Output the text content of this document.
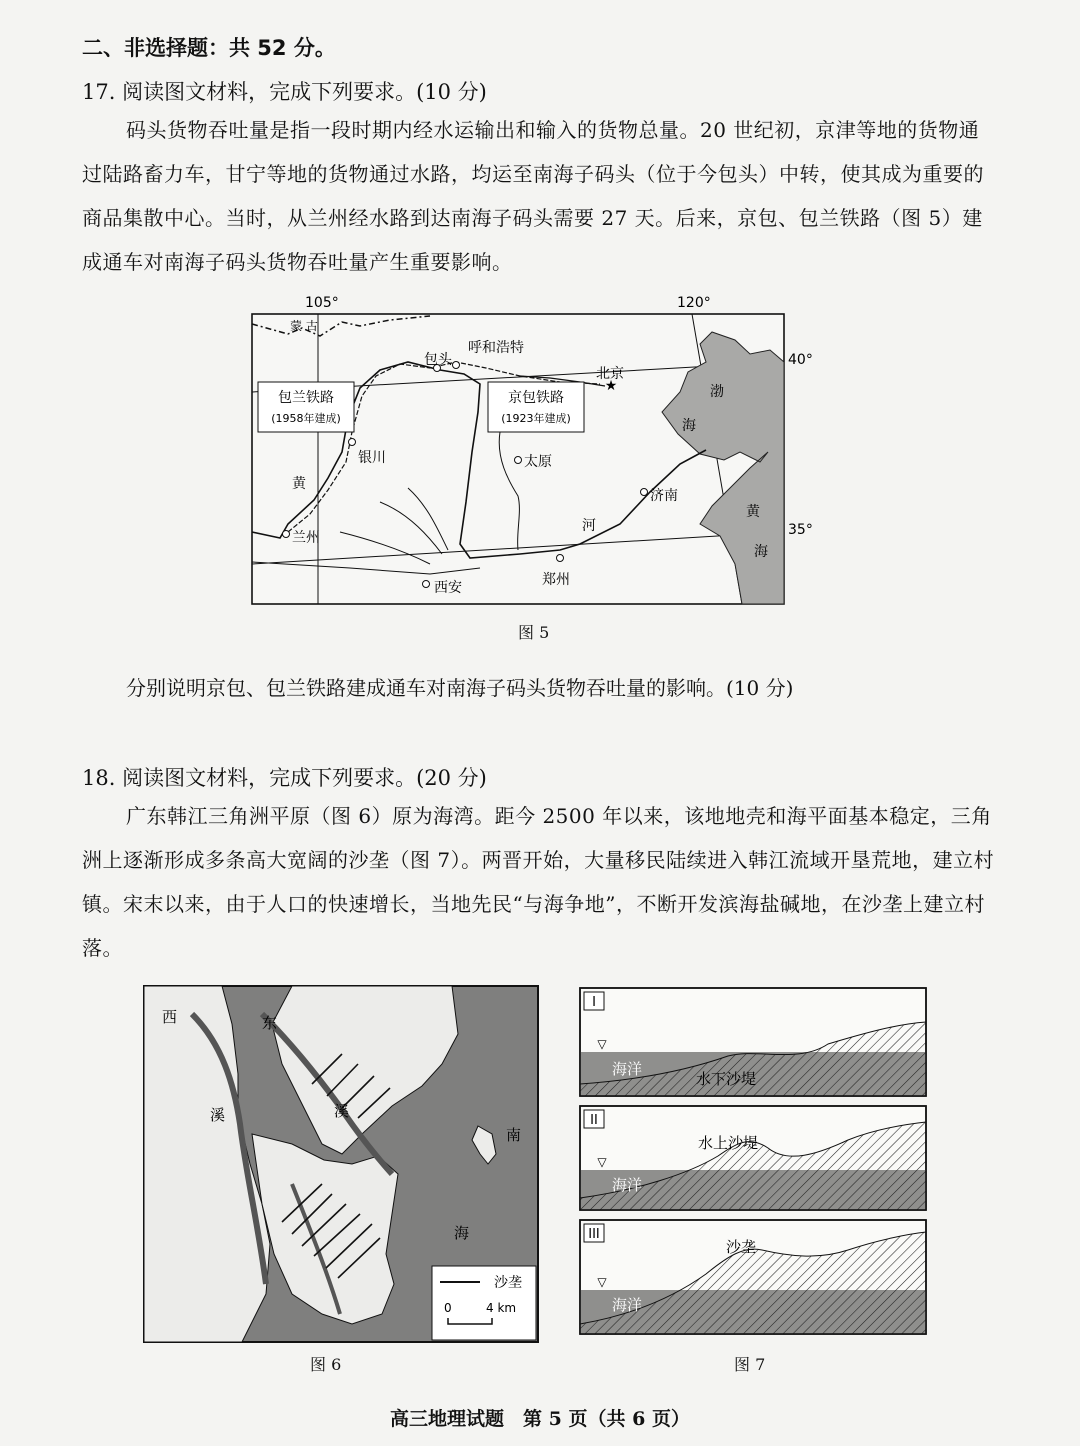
二、非选择题：共 52 分。
17. 阅读图文材料，完成下列要求。(10 分)
码头货物吞吐量是指一段时期内经水运输出和输入的货物总量。20 世纪初，京津等地的货物通过陆路畜力车，甘宁等地的货物通过水路，均运至南海子码头（位于今包头）中转，使其成为重要的商品集散中心。当时，从兰州经水路到达南海子码头需要 27 天。后来，京包、包兰铁路（图 5）建成通车对南海子码头货物吞吐量产生重要影响。
105°	120°
蒙 古
渤
海
黄
海
黄
河
★
包头
呼和浩特
北京
银川	太原
济南
兰州
西安	郑州
包兰铁路
(1958年建成)
京包铁路
(1923年建成)
40°
35°
图 5
分别说明京包、包兰铁路建成通车对南海子码头货物吞吐量的影响。(10 分)
18. 阅读图文材料，完成下列要求。(20 分)
广东韩江三角洲平原（图 6）原为海湾。距今 2500 年以来，该地地壳和海平面基本稳定，三角洲上逐渐形成多条高大宽阔的沙垄（图 7）。两晋开始，大量移民陆续进入韩江流域开垦荒地，建立村镇。宋末以来，由于人口的快速增长，当地先民“与海争地”，不断开发滨海盐碱地，在沙垄上建立村落。
西	东
溪	溪
南
海
沙垄
0	4 km
图 6
I
▽
海洋
水下沙堤
II
▽
海洋
水上沙堤
III
▽
海洋
沙垄
图 7
高三地理试题　第 5 页（共 6 页）
